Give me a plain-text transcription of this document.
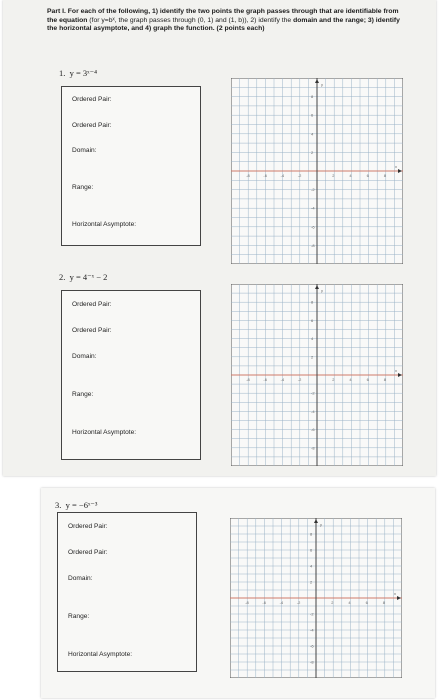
Part I. For each of the following, 1) identify the two points the graph passes through that are identifiable from the equation (for y=bˣ, the graph passes through (0, 1) and (1, b)), 2) identify the domain and the range; 3) identify the horizontal asymptote, and 4) graph the function. (2 points each)
1. y = 3ˣ⁻⁴
Ordered Pair:
Ordered Pair:
Domain:
Range:
Horizontal Asymptote:
y
x
-8	-6	-4	-2	2	4	6	8
8
6
4
2
-2
-4
-6
-8
2. y = 4⁻ˣ − 2
Ordered Pair:
Ordered Pair:
Domain:
Range:
Horizontal Asymptote:
y
x
-8	-6	-4	-2	2	4	6	8
8
6
4
2
-2
-4
-6
-8
3. y = −6ˣ⁻³
Ordered Pair:
Ordered Pair:
Domain:
Range:
Horizontal Asymptote:
y
x
-8	-6	-4	-2	2	4	6	8
8
6
4
2
-2
-4
-6
-8
